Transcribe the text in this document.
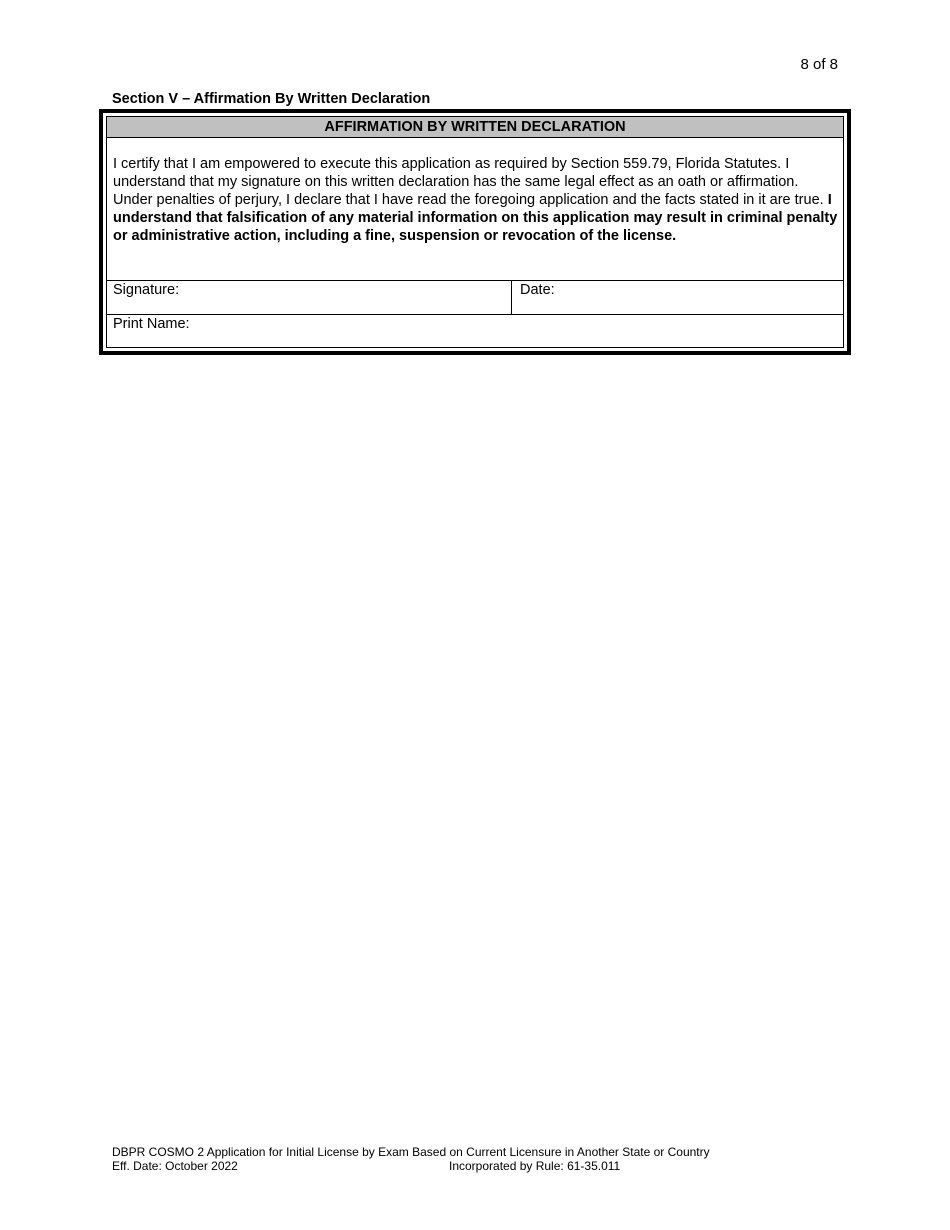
8 of 8
Section V – Affirmation By Written Declaration
AFFIRMATION BY WRITTEN DECLARATION
I certify that I am empowered to execute this application as required by Section 559.79, Florida Statutes. I understand that my signature on this written declaration has the same legal effect as an oath or affirmation. Under penalties of perjury, I declare that I have read the foregoing application and the facts stated in it are true. I understand that falsification of any material information on this application may result in criminal penalty or administrative action, including a fine, suspension or revocation of the license.
Signature:	Date:
Print Name:
DBPR COSMO 2 Application for Initial License by Exam Based on Current Licensure in Another State or Country
Eff. Date: October 2022	Incorporated by Rule: 61-35.011
